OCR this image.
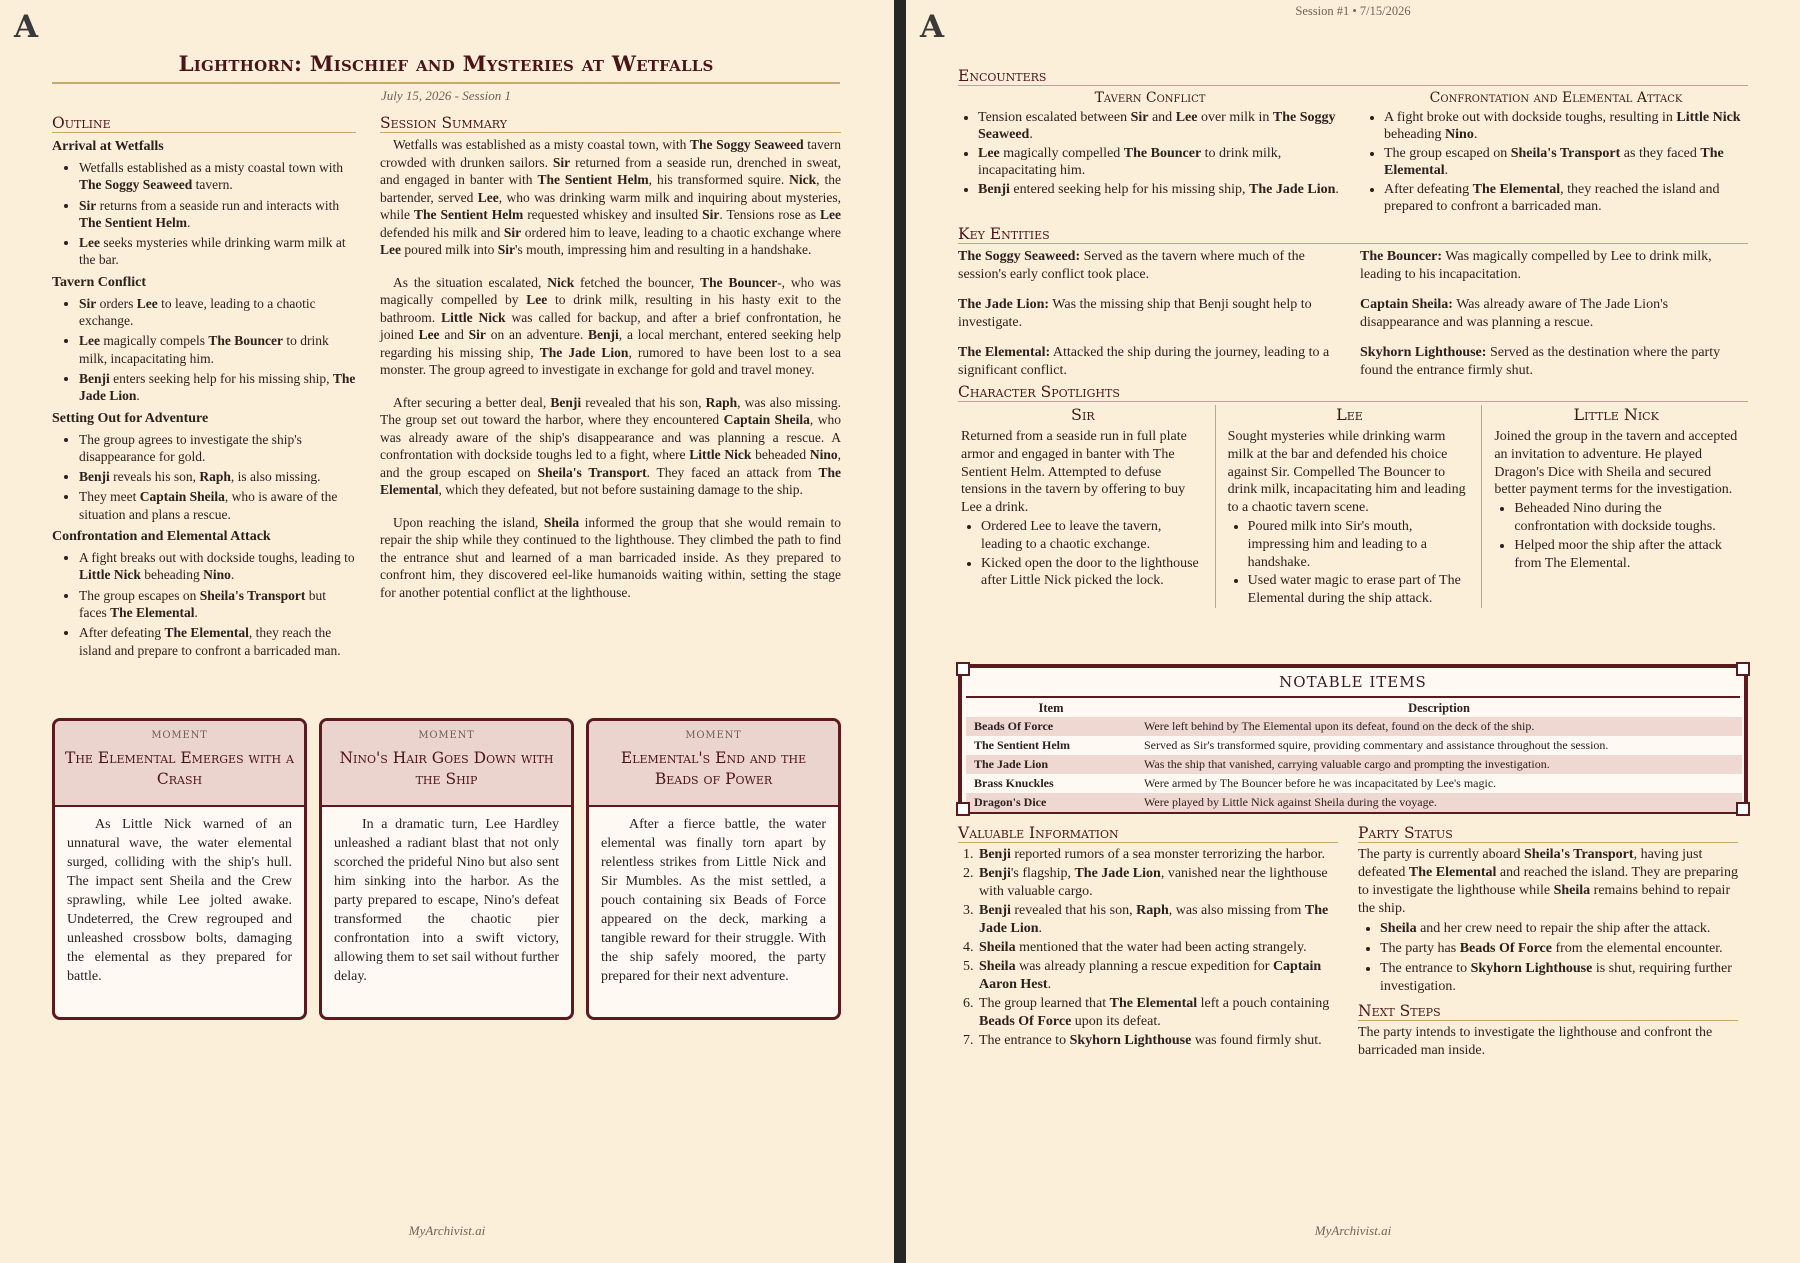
A
Lighthorn: Mischief and Mysteries at Wetfalls
July 15, 2026 - Session 1
Outline
Arrival at Wetfalls
• Wetfalls established as a misty coastal town with The Soggy Seaweed tavern.
• Sir returns from a seaside run and interacts with The Sentient Helm.
• Lee seeks mysteries while drinking warm milk at the bar.
Tavern Conflict
• Sir orders Lee to leave, leading to a chaotic exchange.
• Lee magically compels The Bouncer to drink milk, incapacitating him.
• Benji enters seeking help for his missing ship, The Jade Lion.
Setting Out for Adventure
• The group agrees to investigate the ship's disappearance for gold.
• Benji reveals his son, Raph, is also missing.
• They meet Captain Sheila, who is aware of the situation and plans a rescue.
Confrontation and Elemental Attack
• A fight breaks out with dockside toughs, leading to Little Nick beheading Nino.
• The group escapes on Sheila's Transport but faces The Elemental.
• After defeating The Elemental, they reach the island and prepare to confront a barricaded man.
Session Summary

Wetfalls was established as a misty coastal town, with The Soggy Seaweed tavern crowded with drunken sailors. Sir returned from a seaside run, drenched in sweat, and engaged in banter with The Sentient Helm, his transformed squire. Nick, the bartender, served Lee, who was drinking warm milk and inquiring about mysteries, while The Sentient Helm requested whiskey and insulted Sir. Tensions rose as Lee defended his milk and Sir ordered him to leave, leading to a chaotic exchange where Lee poured milk into Sir's mouth, impressing him and resulting in a handshake.

As the situation escalated, Nick fetched the bouncer, The Bouncer-, who was magically compelled by Lee to drink milk, resulting in his hasty exit to the bathroom. Little Nick was called for backup, and after a brief confrontation, he joined Lee and Sir on an adventure. Benji, a local merchant, entered seeking help regarding his missing ship, The Jade Lion, rumored to have been lost to a sea monster. The group agreed to investigate in exchange for gold and travel money.

After securing a better deal, Benji revealed that his son, Raph, was also missing. The group set out toward the harbor, where they encountered Captain Sheila, who was already aware of the ship's disappearance and was planning a rescue. A confrontation with dockside toughs led to a fight, where Little Nick beheaded Nino, and the group escaped on Sheila's Transport. They faced an attack from The Elemental, which they defeated, but not before sustaining damage to the ship.

Upon reaching the island, Sheila informed the group that she would remain to repair the ship while they continued to the lighthouse. They climbed the path to find the entrance shut and learned of a man barricaded inside. As they prepared to confront him, they discovered eel-like humanoids waiting within, setting the stage for another potential conflict at the lighthouse.

MOMENT
The Elemental Emerges with a Crash
As Little Nick warned of an unnatural wave, the water elemental surged, colliding with the ship's hull. The impact sent Sheila and the Crew sprawling, while Lee jolted awake. Undeterred, the Crew regrouped and unleashed crossbow bolts, damaging the elemental as they prepared for battle.
MOMENT
Nino's Hair Goes Down with the Ship
In a dramatic turn, Lee Hardley unleashed a radiant blast that not only scorched the prideful Nino but also sent him sinking into the harbor. As the party prepared to escape, Nino's defeat transformed the chaotic pier confrontation into a swift victory, allowing them to set sail without further delay.
MOMENT
Elemental's End and the Beads of Power
After a fierce battle, the water elemental was finally torn apart by relentless strikes from Little Nick and Sir Mumbles. As the mist settled, a pouch containing six Beads of Force appeared on the deck, marking a tangible reward for their struggle. With the ship safely moored, the party prepared for their next adventure.
MyArchivist.ai
Session #1 • 7/15/2026
A
Encounters
Tavern Conflict
• Tension escalated between Sir and Lee over milk in The Soggy Seaweed.
• Lee magically compelled The Bouncer to drink milk, incapacitating him.
• Benji entered seeking help for his missing ship, The Jade Lion.
Confrontation and Elemental Attack
• A fight broke out with dockside toughs, resulting in Little Nick beheading Nino.
• The group escaped on Sheila's Transport as they faced The Elemental.
• After defeating The Elemental, they reached the island and prepared to confront a barricaded man.
Key Entities
The Soggy Seaweed: Served as the tavern where much of the session's early conflict took place.
The Bouncer: Was magically compelled by Lee to drink milk, leading to his incapacitation.
The Jade Lion: Was the missing ship that Benji sought help to investigate.
Captain Sheila: Was already aware of The Jade Lion's disappearance and was planning a rescue.
The Elemental: Attacked the ship during the journey, leading to a significant conflict.
Skyhorn Lighthouse: Served as the destination where the party found the entrance firmly shut.
Character Spotlights
Sir
Returned from a seaside run in full plate armor and engaged in banter with The Sentient Helm. Attempted to defuse tensions in the tavern by offering to buy Lee a drink.
• Ordered Lee to leave the tavern, leading to a chaotic exchange.
• Kicked open the door to the lighthouse after Little Nick picked the lock.
Lee
Sought mysteries while drinking warm milk at the bar and defended his choice against Sir. Compelled The Bouncer to drink milk, incapacitating him and leading to a chaotic tavern scene.
• Poured milk into Sir's mouth, impressing him and leading to a handshake.
• Used water magic to erase part of The Elemental during the ship attack.
Little Nick
Joined the group in the tavern and accepted an invitation to adventure. He played Dragon's Dice with Sheila and secured better payment terms for the investigation.
• Beheaded Nino during the confrontation with dockside toughs.
• Helped moor the ship after the attack from The Elemental.
NOTABLE ITEMS
Item	Description
Beads Of Force	Were left behind by The Elemental upon its defeat, found on the deck of the ship.
The Sentient Helm	Served as Sir's transformed squire, providing commentary and assistance throughout the session.
The Jade Lion	Was the ship that vanished, carrying valuable cargo and prompting the investigation.
Brass Knuckles	Were armed by The Bouncer before he was incapacitated by Lee's magic.
Dragon's Dice	Were played by Little Nick against Sheila during the voyage.
Valuable Information
1. Benji reported rumors of a sea monster terrorizing the harbor.
2. Benji's flagship, The Jade Lion, vanished near the lighthouse with valuable cargo.
3. Benji revealed that his son, Raph, was also missing from The Jade Lion.
4. Sheila mentioned that the water had been acting strangely.
5. Sheila was already planning a rescue expedition for Captain Aaron Hest.
6. The group learned that The Elemental left a pouch containing Beads Of Force upon its defeat.
7. The entrance to Skyhorn Lighthouse was found firmly shut.
Party Status
The party is currently aboard Sheila's Transport, having just defeated The Elemental and reached the island. They are preparing to investigate the lighthouse while Sheila remains behind to repair the ship.
• Sheila and her crew need to repair the ship after the attack.
• The party has Beads Of Force from the elemental encounter.
• The entrance to Skyhorn Lighthouse is shut, requiring further investigation.
Next Steps
The party intends to investigate the lighthouse and confront the barricaded man inside.
MyArchivist.ai
